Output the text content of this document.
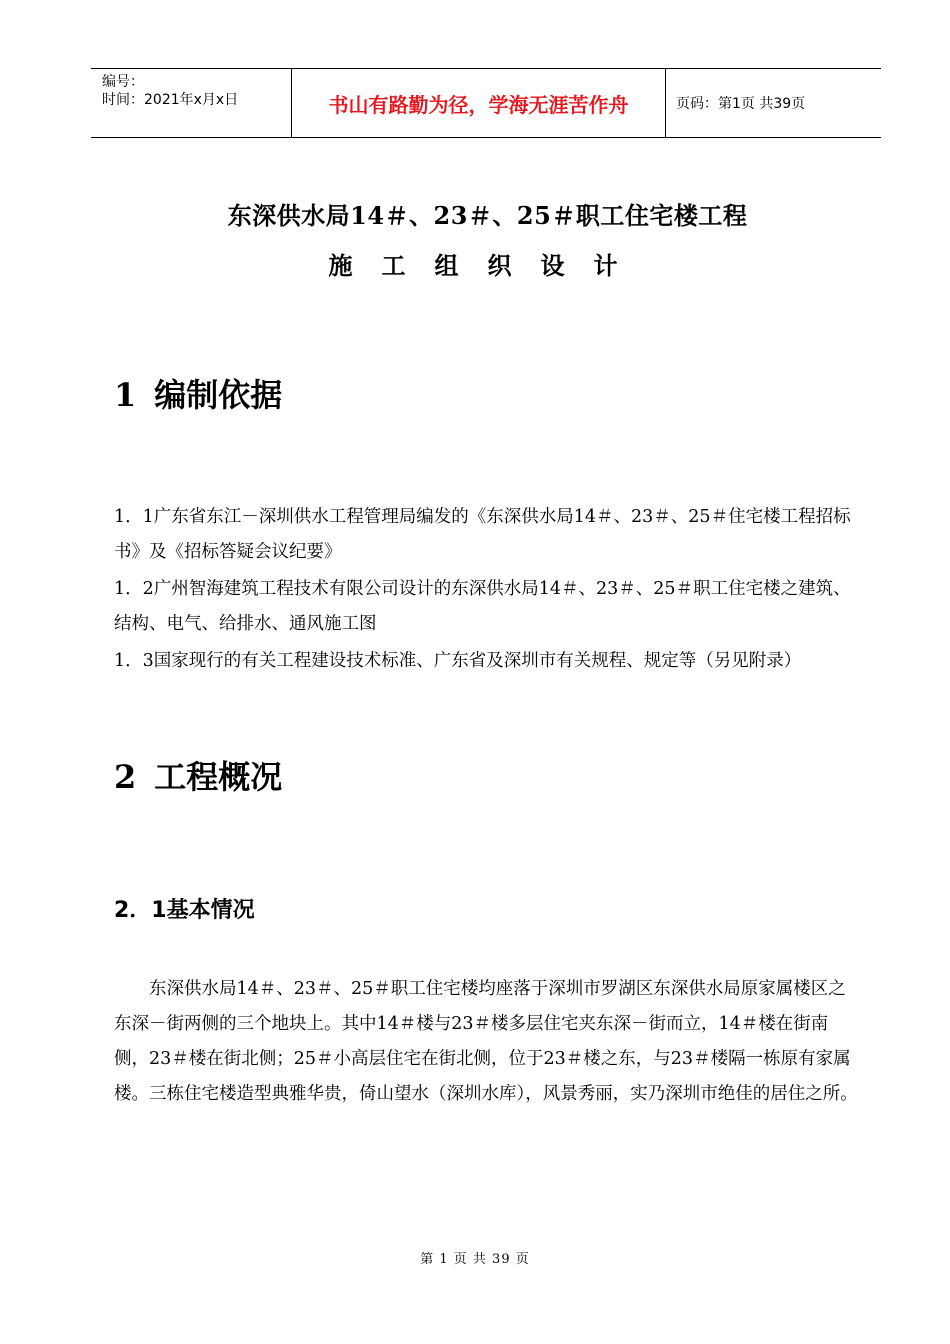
编号：
时间：2021年x月x日	书山有路勤为径，学海无涯苦作舟	页码：第1页 共39页
东深供水局14＃、23＃、25＃职工住宅楼工程
施工组织设计
1 编制依据
1．1广东省东江－深圳供水工程管理局编发的《东深供水局14＃、23＃、25＃住宅楼工程招标书》及《招标答疑会议纪要》
1．2广州智海建筑工程技术有限公司设计的东深供水局14＃、23＃、25＃职工住宅楼之建筑、结构、电气、给排水、通风施工图
1．3国家现行的有关工程建设技术标准、广东省及深圳市有关规程、规定等（另见附录）
2 工程概况
2．1基本情况
东深供水局14＃、23＃、25＃职工住宅楼均座落于深圳市罗湖区东深供水局原家属楼区之东深－街两侧的三个地块上。其中14＃楼与23＃楼多层住宅夹东深－街而立，14＃楼在街南侧，23＃楼在街北侧；25＃小高层住宅在街北侧，位于23＃楼之东，与23＃楼隔一栋原有家属楼。三栋住宅楼造型典雅华贵，倚山望水（深圳水库），风景秀丽，实乃深圳市绝佳的居住之所。
第 1 页 共 39 页
